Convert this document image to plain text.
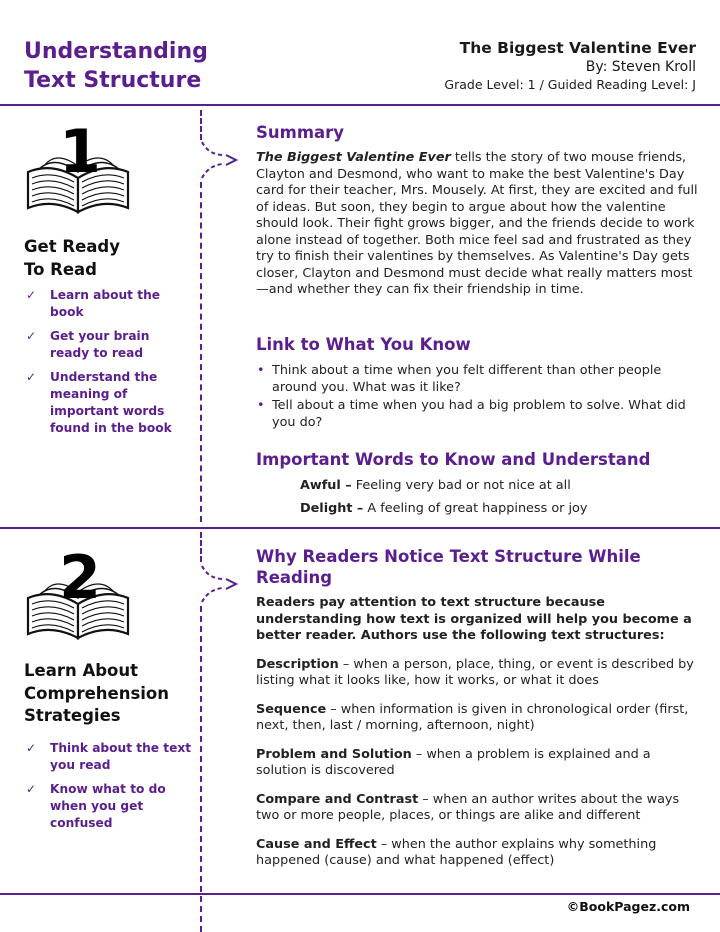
Understanding
Text Structure
The Biggest Valentine Ever
By: Steven Kroll
Grade Level: 1 / Guided Reading Level: J
1
Get Ready
To Read
✓ Learn about the book
✓ Get your brain ready to read
✓ Understand the meaning of important words found in the book
Summary
The Biggest Valentine Ever tells the story of two mouse friends, Clayton and Desmond, who want to make the best Valentine's Day card for their teacher, Mrs. Mousely. At first, they are excited and full of ideas. But soon, they begin to argue about how the valentine should look. Their fight grows bigger, and the friends decide to work alone instead of together. Both mice feel sad and frustrated as they try to finish their valentines by themselves. As Valentine's Day gets closer, Clayton and Desmond must decide what really matters most—and whether they can fix their friendship in time.
Link to What You Know
• Think about a time when you felt different than other people around you. What was it like?
• Tell about a time when you had a big problem to solve. What did you do?
Important Words to Know and Understand
Awful – Feeling very bad or not nice at all
Delight – A feeling of great happiness or joy
2
Learn About
Comprehension
Strategies
✓ Think about the text you read
✓ Know what to do when you get confused
Why Readers Notice Text Structure While
Reading
Readers pay attention to text structure because understanding how text is organized will help you become a better reader. Authors use the following text structures:
Description – when a person, place, thing, or event is described by listing what it looks like, how it works, or what it does
Sequence – when information is given in chronological order (first, next, then, last / morning, afternoon, night)
Problem and Solution – when a problem is explained and a solution is discovered
Compare and Contrast – when an author writes about the ways two or more people, places, or things are alike and different
Cause and Effect – when the author explains why something happened (cause) and what happened (effect)
©BookPagez.com
